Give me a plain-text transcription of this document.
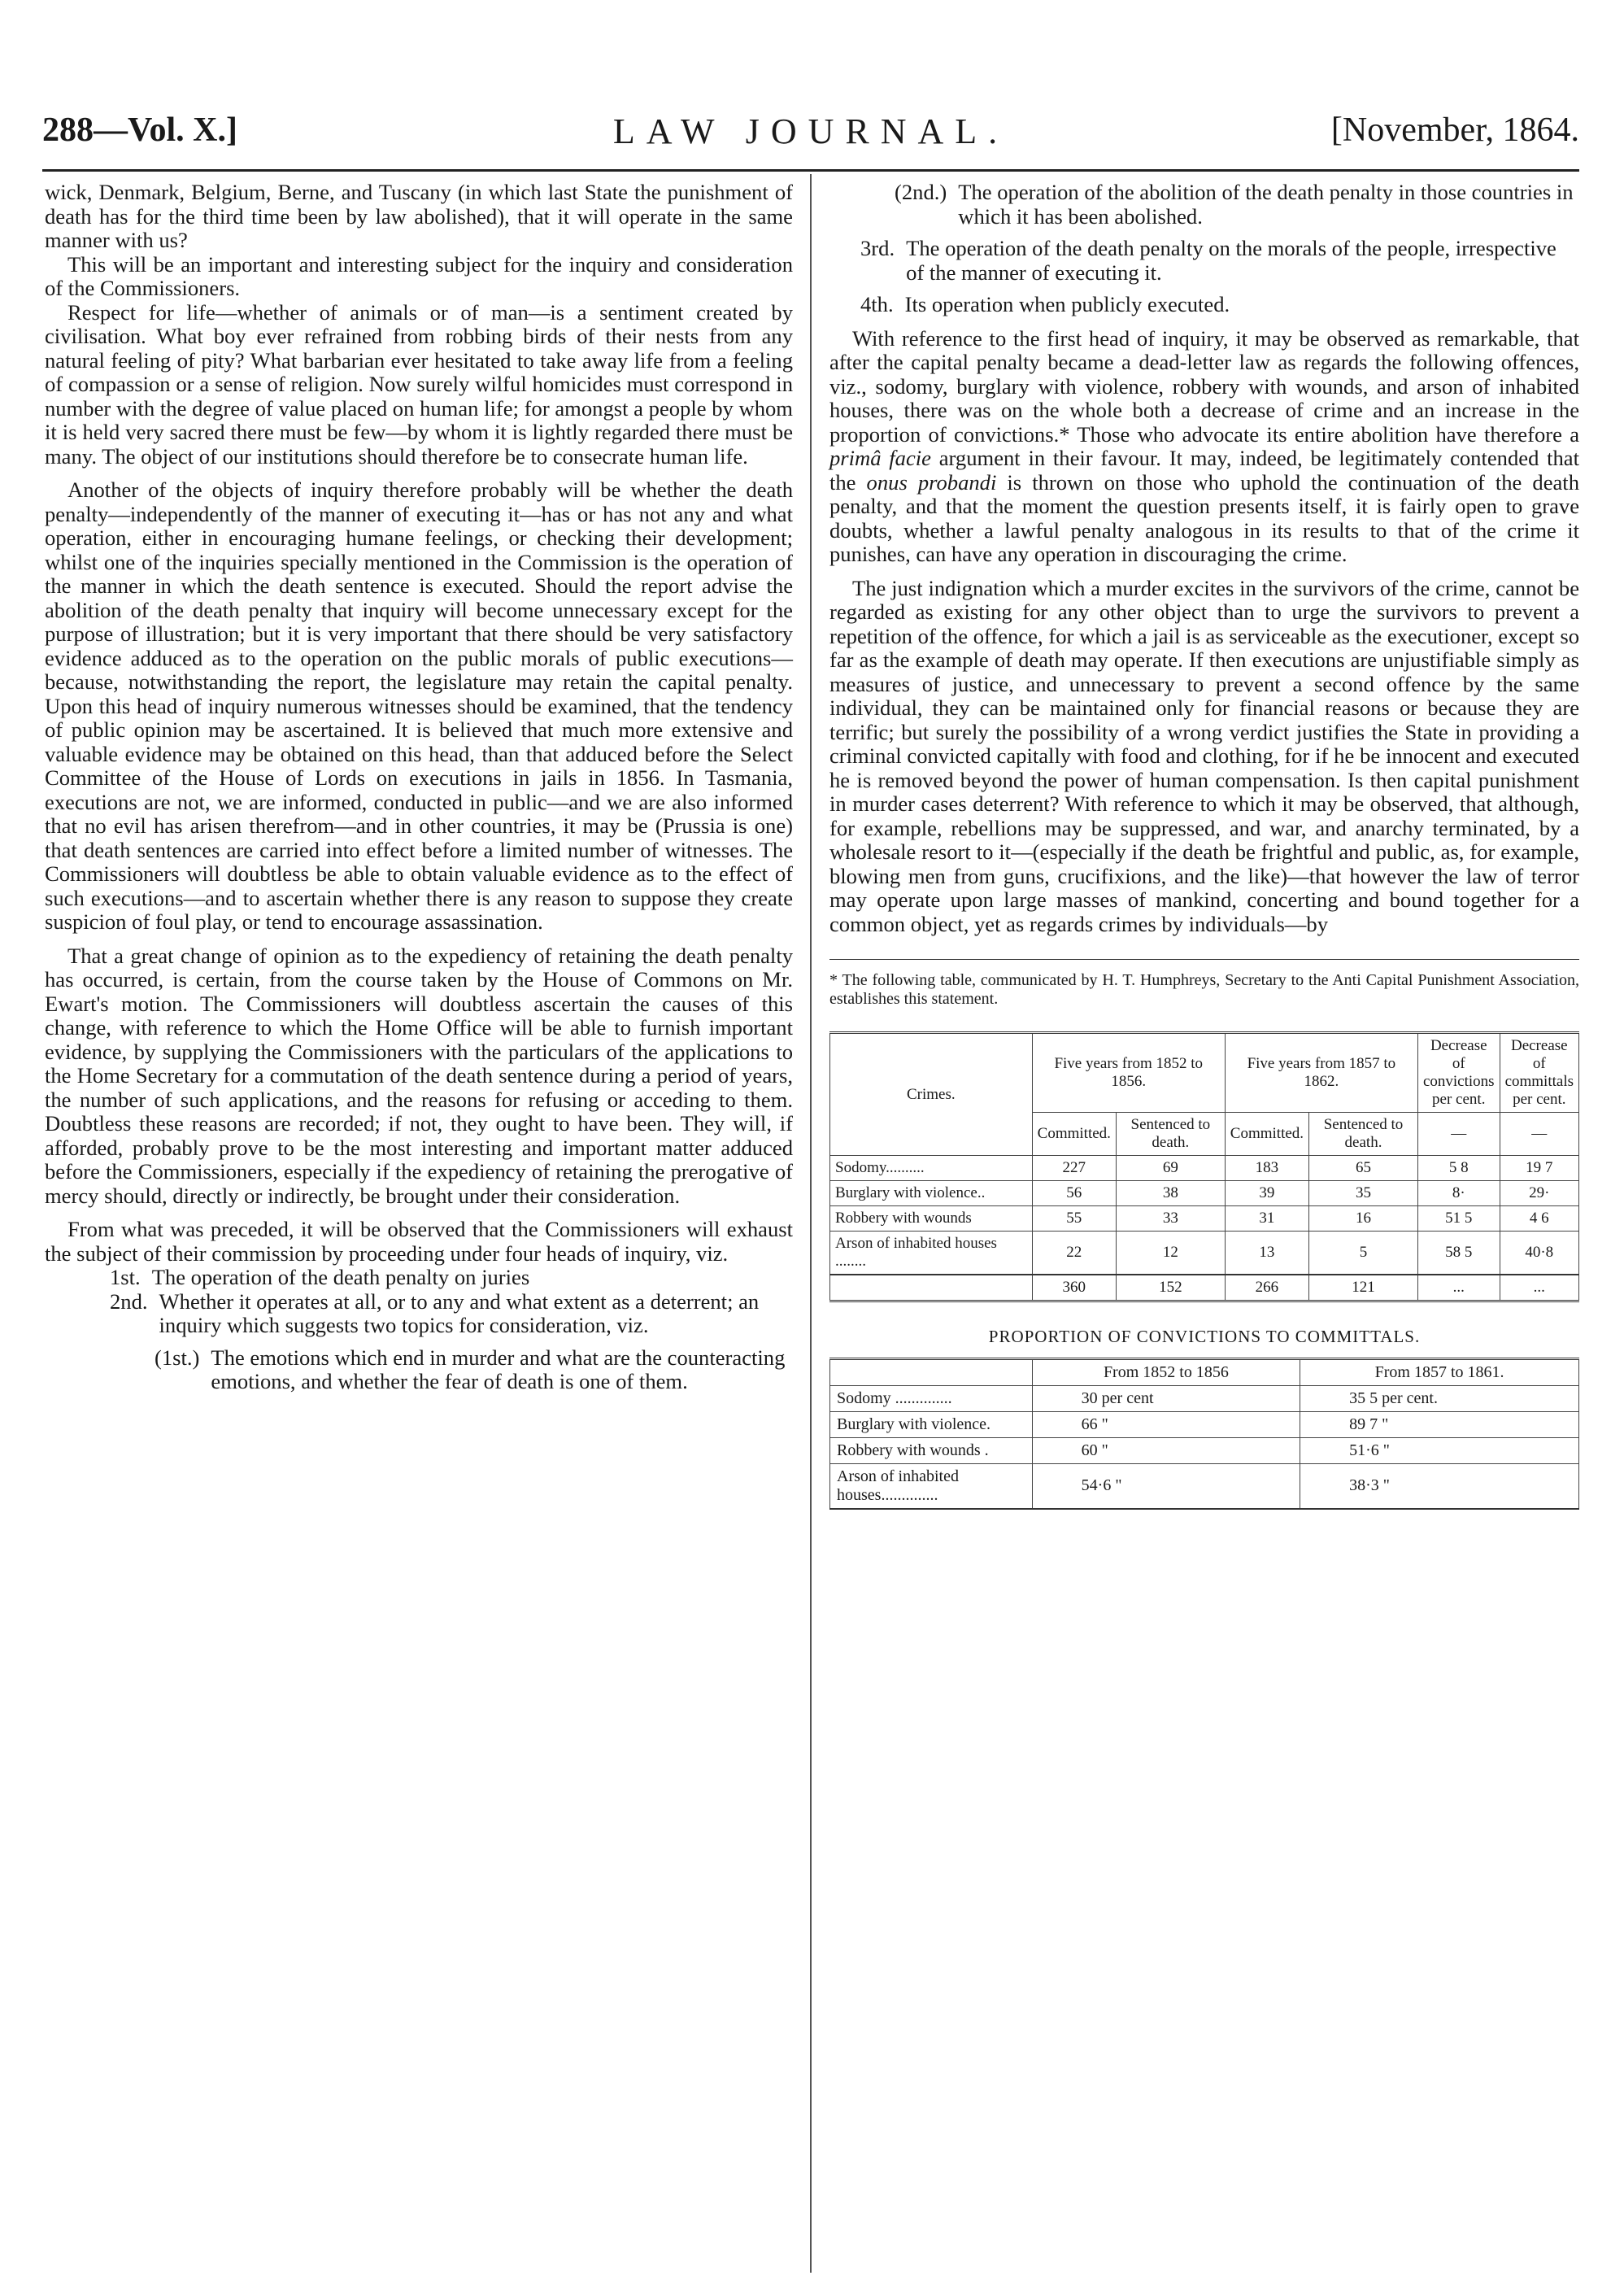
288—Vol. X.]	LAW JOURNAL.	[November, 1864.

wick, Denmark, Belgium, Berne, and Tuscany (in which last State the punishment of death has for the third time been by law abolished), that it will operate in the same manner with us?

This will be an important and interesting subject for the inquiry and consideration of the Commissioners.

Respect for life—whether of animals or of man—is a sentiment created by civilisation. What boy ever refrained from robbing birds of their nests from any natural feeling of pity? What barbarian ever hesitated to take away life from a feeling of compassion or a sense of religion. Now surely wilful homicides must correspond in number with the degree of value placed on human life; for amongst a people by whom it is held very sacred there must be few—by whom it is lightly regarded there must be many. The object of our institutions should therefore be to consecrate human life.

Another of the objects of inquiry therefore probably will be whether the death penalty—independently of the manner of executing it—has or has not any and what operation, either in encouraging humane feelings, or checking their development; whilst one of the inquiries specially mentioned in the Commission is the operation of the manner in which the death sentence is executed. Should the report advise the abolition of the death penalty that inquiry will become unnecessary except for the purpose of illustration; but it is very important that there should be very satisfactory evidence adduced as to the operation on the public morals of public executions—because, notwithstanding the report, the legislature may retain the capital penalty. Upon this head of inquiry numerous witnesses should be examined, that the tendency of public opinion may be ascertained. It is believed that much more extensive and valuable evidence may be obtained on this head, than that adduced before the Select Committee of the House of Lords on executions in jails in 1856. In Tasmania, executions are not, we are informed, conducted in public—and we are also informed that no evil has arisen therefrom—and in other countries, it may be (Prussia is one) that death sentences are carried into effect before a limited number of witnesses. The Commissioners will doubtless be able to obtain valuable evidence as to the effect of such executions—and to ascertain whether there is any reason to suppose they create suspicion of foul play, or tend to encourage assassination.

That a great change of opinion as to the expediency of retaining the death penalty has occurred, is certain, from the course taken by the House of Commons on Mr. Ewart's motion. The Commissioners will doubtless ascertain the causes of this change, with reference to which the Home Office will be able to furnish important evidence, by supplying the Commissioners with the particulars of the applications to the Home Secretary for a commutation of the death sentence during a period of years, the number of such applications, and the reasons for refusing or acceding to them. Doubtless these reasons are recorded; if not, they ought to have been. They will, if afforded, probably prove to be the most interesting and important matter adduced before the Commissioners, especially if the expediency of retaining the prerogative of mercy should, directly or indirectly, be brought under their consideration.

From what was preceded, it will be observed that the Commissioners will exhaust the subject of their commission by proceeding under four heads of inquiry, viz.

1st. The operation of the death penalty on juries
2nd. Whether it operates at all, or to any and what extent as a deterrent; an inquiry which suggests two topics for consideration, viz.
(1st.) The emotions which end in murder and what are the counteracting emotions, and whether the fear of death is one of them.
(2nd.) The operation of the abolition of the death penalty in those countries in which it has been abolished.
3rd. The operation of the death penalty on the morals of the people, irrespective of the manner of executing it.
4th. Its operation when publicly executed.

With reference to the first head of inquiry, it may be observed as remarkable, that after the capital penalty became a dead-letter law as regards the following offences, viz., sodomy, burglary with violence, robbery with wounds, and arson of inhabited houses, there was on the whole both a decrease of crime and an increase in the proportion of convictions.* Those who advocate its entire abolition have therefore a primâ facie argument in their favour. It may, indeed, be legitimately contended that the onus probandi is thrown on those who uphold the continuation of the death penalty, and that the moment the question presents itself, it is fairly open to grave doubts, whether a lawful penalty analogous in its results to that of the crime it punishes, can have any operation in discouraging the crime.

The just indignation which a murder excites in the survivors of the crime, cannot be regarded as existing for any other object than to urge the survivors to prevent a repetition of the offence, for which a jail is as serviceable as the executioner, except so far as the example of death may operate. If then executions are unjustifiable simply as measures of justice, and unnecessary to prevent a second offence by the same individual, they can be maintained only for financial reasons or because they are terrific; but surely the possibility of a wrong verdict justifies the State in providing a criminal convicted capitally with food and clothing, for if he be innocent and executed he is removed beyond the power of human compensation. Is then capital punishment in murder cases deterrent? With reference to which it may be observed, that although, for example, rebellions may be suppressed, and war, and anarchy terminated, by a wholesale resort to it—(especially if the death be frightful and public, as, for example, blowing men from guns, crucifixions, and the like)—that however the law of terror may operate upon large masses of mankind, concerting and bound together for a common object, yet as regards crimes by individuals—by

* The following table, communicated by H. T. Humphreys, Secretary to the Anti Capital Punishment Association, establishes this statement.
Crimes.	Five years from 1852 to 1856.		Five years from 1857 to 1862.		Decrease of convictions per cent.	Decrease of committals per cent.
	Committed.	Sentenced to death.	Committed.	Sentenced to death.	—	—
Sodomy..........	227	69	183	65	5 8	19 7
Burglary with violence..	56	38	39	35	8·	29·
Robbery with wounds	55	33	31	16	51 5	4 6
Arson of inhabited houses ........	22	12	13	5	58 5	40·8
	360	152	266	121	...	...
PROPORTION OF CONVICTIONS TO COMMITTALS.
	From 1852 to 1856	From 1857 to 1861.
Sodomy ..............	30 per cent	35 5 per cent.
Burglary with violence.	66 "	89 7 "
Robbery with wounds .	60 "	51·6 "
Arson of inhabited houses..............	54·6 "	38·3 "
